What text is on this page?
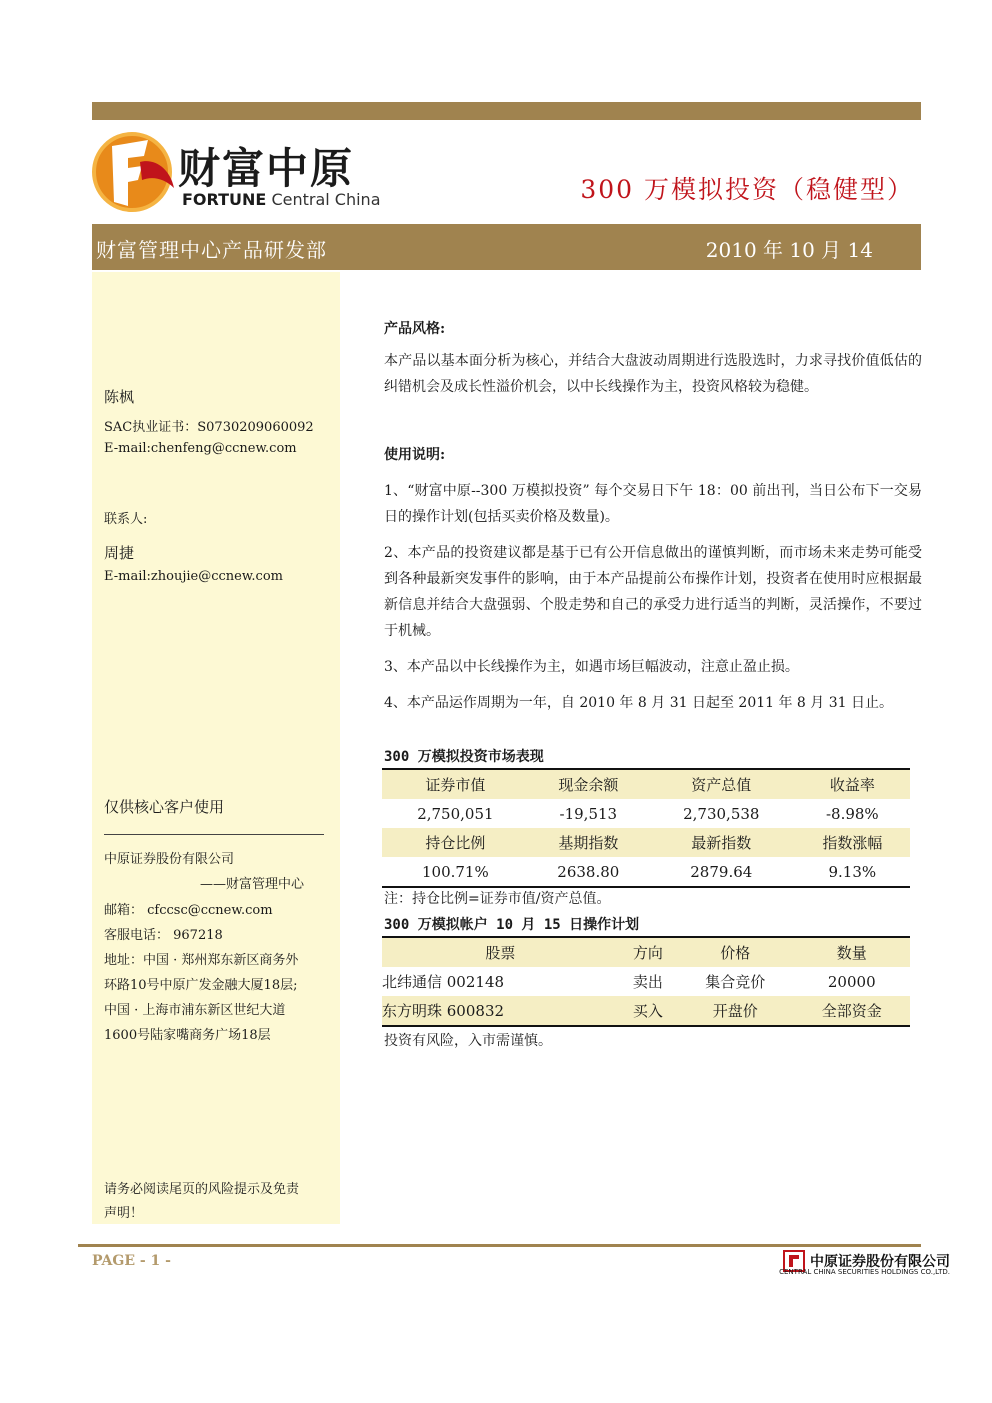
财富中原
FORTUNE Central China	300 万模拟投资（稳健型）
财富管理中心产品研发部	2010 年 10 月 14
陈枫
SAC执业证书：S0730209060092
E-mail:chenfeng@ccnew.com
联系人:
周捷
E-mail:zhoujie@ccnew.com
仅供核心客户使用
中原证券股份有限公司
——财富管理中心
邮箱： cfccsc@ccnew.com
客服电话： 967218
地址：中国 · 郑州郑东新区商务外
环路10号中原广发金融大厦18层;
中国 · 上海市浦东新区世纪大道
1600号陆家嘴商务广场18层
请务必阅读尾页的风险提示及免责
声明！
产品风格:
本产品以基本面分析为核心，并结合大盘波动周期进行选股选时，力求寻找价值低估的纠错机会及成长性溢价机会，以中长线操作为主，投资风格较为稳健。
使用说明:
1、“财富中原--300 万模拟投资” 每个交易日下午 18：00 前出刊，当日公布下一交易日的操作计划(包括买卖价格及数量)。
2、本产品的投资建议都是基于已有公开信息做出的谨慎判断，而市场未来走势可能受到各种最新突发事件的影响，由于本产品提前公布操作计划，投资者在使用时应根据最新信息并结合大盘强弱、个股走势和自己的承受力进行适当的判断，灵活操作，不要过于机械。
3、本产品以中长线操作为主，如遇市场巨幅波动，注意止盈止损。
4、本产品运作周期为一年，自 2010 年 8 月 31 日起至 2011 年 8 月 31 日止。
300 万模拟投资市场表现
证券市值	现金余额	资产总值	收益率
2,750,051	-19,513	2,730,538	-8.98%
持仓比例	基期指数	最新指数	指数涨幅
100.71%	2638.80	2879.64	9.13%
注：持仓比例=证券市值/资产总值。
300 万模拟帐户 10 月 15 日操作计划
股票	方向	价格	数量
北纬通信 002148	卖出	集合竞价	20000
东方明珠 600832	买入	开盘价	全部资金
投资有风险，入市需谨慎。
PAGE - 1 -	中原证券股份有限公司
CENTRAL CHINA SECURITIES HOLDINGS CO.,LTD.
